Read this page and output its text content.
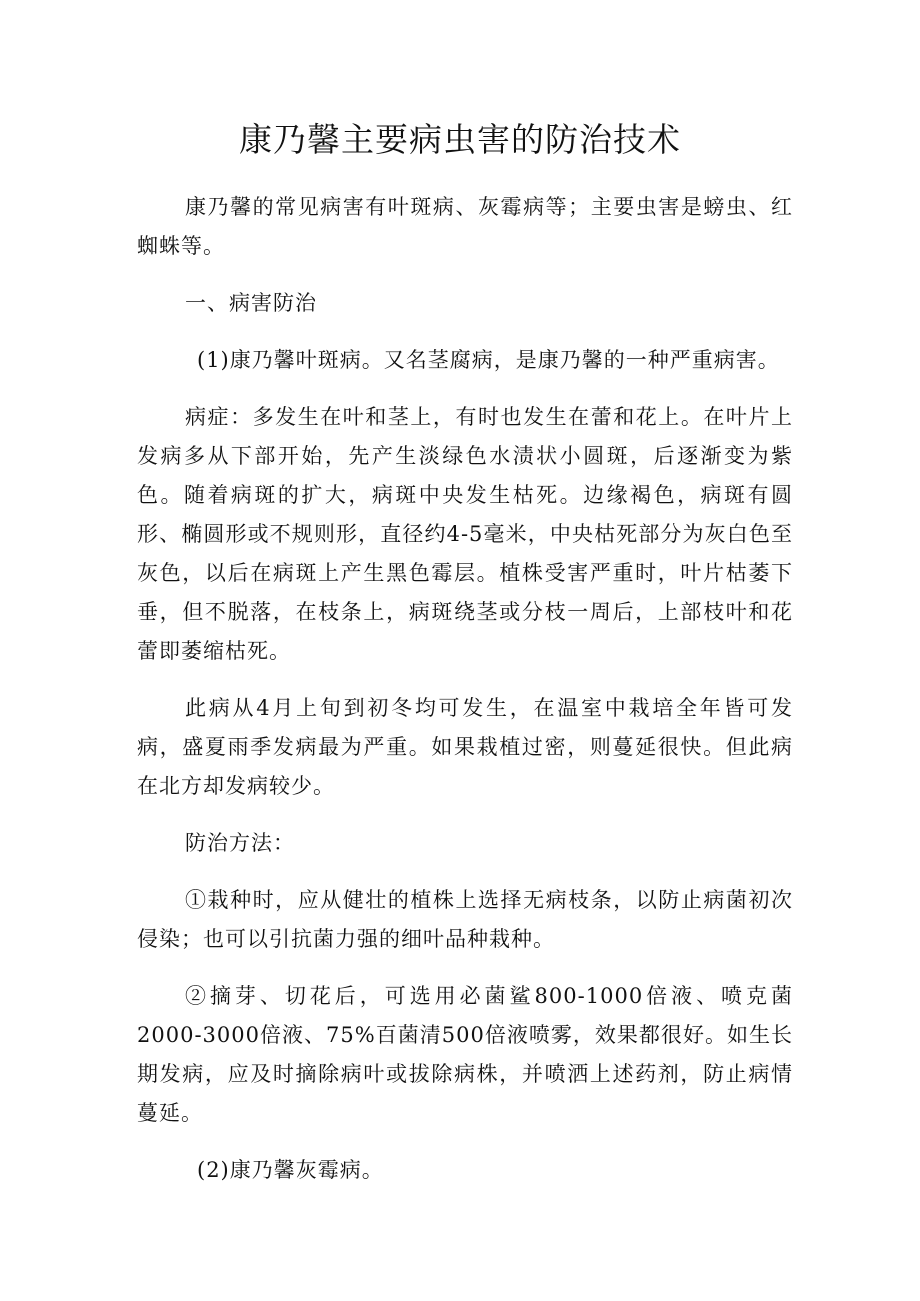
康乃馨主要病虫害的防治技术

康乃馨的常见病害有叶斑病、灰霉病等；主要虫害是螃虫、红蜘蛛等。

一、病害防治

(1)康乃馨叶斑病。又名茎腐病，是康乃馨的一种严重病害。

病症：多发生在叶和茎上，有时也发生在蕾和花上。在叶片上发病多从下部开始，先产生淡绿色水渍状小圆斑，后逐渐变为紫色。随着病斑的扩大，病斑中央发生枯死。边缘褐色，病斑有圆形、椭圆形或不规则形，直径约4-5毫米，中央枯死部分为灰白色至灰色，以后在病斑上产生黑色霉层。植株受害严重时，叶片枯萎下垂，但不脱落，在枝条上，病斑绕茎或分枝一周后，上部枝叶和花蕾即萎缩枯死。

此病从4月上旬到初冬均可发生，在温室中栽培全年皆可发病，盛夏雨季发病最为严重。如果栽植过密，则蔓延很快。但此病在北方却发病较少。

防治方法：

①栽种时，应从健壮的植株上选择无病枝条，以防止病菌初次侵染；也可以引抗菌力强的细叶品种栽种。

②摘芽、切花后，可选用必菌鲨800-1000倍液、喷克菌2000-3000倍液、75%百菌清500倍液喷雾，效果都很好。如生长期发病，应及时摘除病叶或拔除病株，并喷洒上述药剂，防止病情蔓延。

(2)康乃馨灰霉病。
